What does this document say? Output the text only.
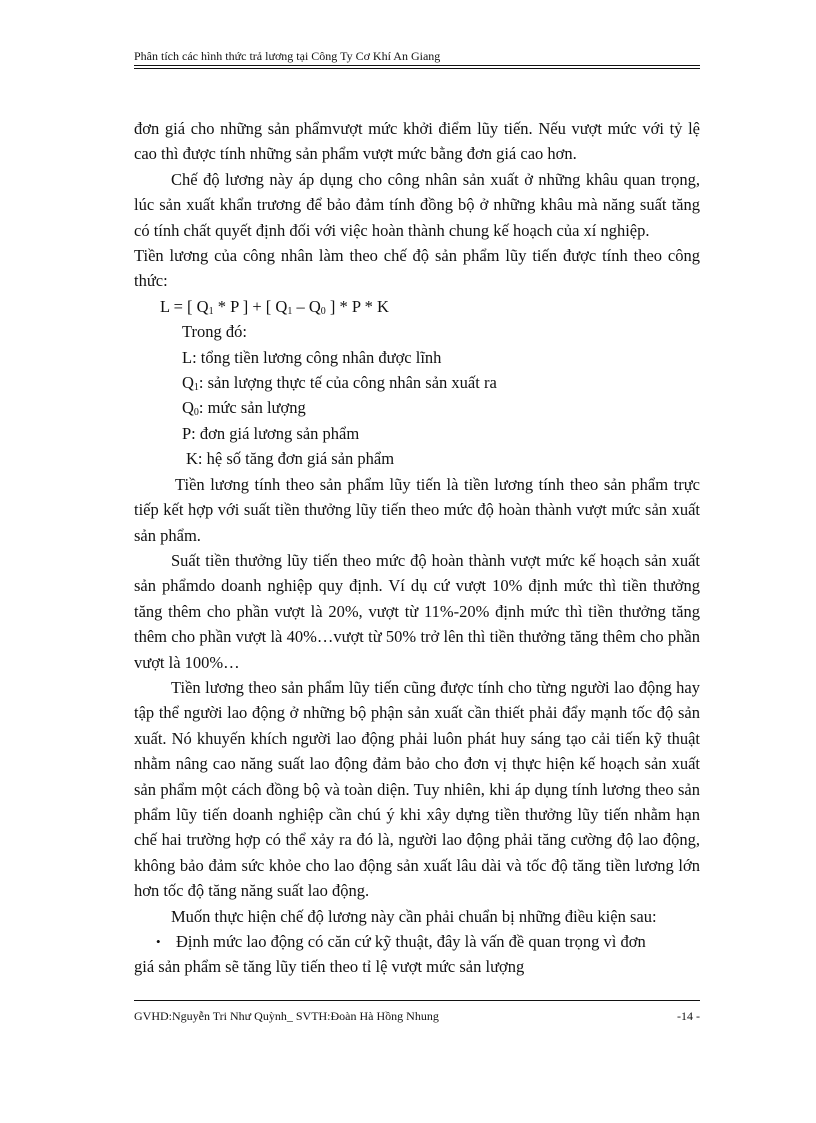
Phân tích các hình thức trả lương tại Công Ty Cơ Khí An Giang

đơn giá cho những sản phẩmvượt mức khởi điểm lũy tiến. Nếu vượt mức với tỷ lệ cao thì được tính những sản phẩm vượt mức bằng đơn giá cao hơn.

Chế độ lương này áp dụng cho công nhân sản xuất ở những khâu quan trọng, lúc sản xuất khẩn trương để bảo đảm tính đồng bộ ở những khâu mà năng suất tăng có tính chất quyết định đối với việc hoàn thành chung kế hoạch của xí nghiệp.

Tiền lương của công nhân làm theo chế độ sản phẩm lũy tiến được tính theo công thức:

L = [ $Q_1$ * P ] + [ $Q_1 - Q_0$ ] * P * K
Trong đó:
L: tổng tiền lương công nhân được lĩnh
$Q_1$: sản lượng thực tế của công nhân sản xuất ra
$Q_0$: mức sản lượng
P: đơn giá lương sản phẩm
K: hệ số tăng đơn giá sản phẩm

Tiền lương tính theo sản phẩm lũy tiến là tiền lương tính theo sản phẩm trực tiếp kết hợp với suất tiền thưởng lũy tiến theo mức độ hoàn thành vượt mức sản xuất sản phẩm.

Suất tiền thưởng lũy tiến theo mức độ hoàn thành vượt mức kế hoạch sản xuất sản phẩmdo doanh nghiệp quy định. Ví dụ cứ vượt 10% định mức thì tiền thưởng tăng thêm cho phần vượt là 20%, vượt từ 11%-20% định mức thì tiền thưởng tăng thêm cho phần vượt là 40%…vượt từ 50% trở lên thì tiền thưởng tăng thêm cho phần vượt là 100%…

Tiền lương theo sản phẩm lũy tiến cũng được tính cho từng người lao động hay tập thể người lao động ở những bộ phận sản xuất cần thiết phải đẩy mạnh tốc độ sản xuất. Nó khuyến khích người lao động phải luôn phát huy sáng tạo cải tiến kỹ thuật nhằm nâng cao năng suất lao động đảm bảo cho đơn vị thực hiện kế hoạch sản xuất sản phẩm một cách đồng bộ và toàn diện. Tuy nhiên, khi áp dụng tính lương theo sản phẩm lũy tiến doanh nghiệp cần chú ý khi xây dựng tiền thưởng lũy tiến nhằm hạn chế hai trường hợp có thể xảy ra đó là, người lao động phải tăng cường độ lao động, không bảo đảm sức khỏe cho lao động sản xuất lâu dài và tốc độ tăng tiền lương lớn hơn tốc độ tăng năng suất lao động.

Muốn thực hiện chế độ lương này cần phải chuẩn bị những điều kiện sau:

• Định mức lao động có căn cứ kỹ thuật, đây là vấn đề quan trọng vì đơn

giá sản phẩm sẽ tăng lũy tiến theo tỉ lệ vượt mức sản lượng

GVHD:Nguyễn Tri Như Quỳnh_ SVTH:Đoàn Hà Hồng Nhung	-14 -
